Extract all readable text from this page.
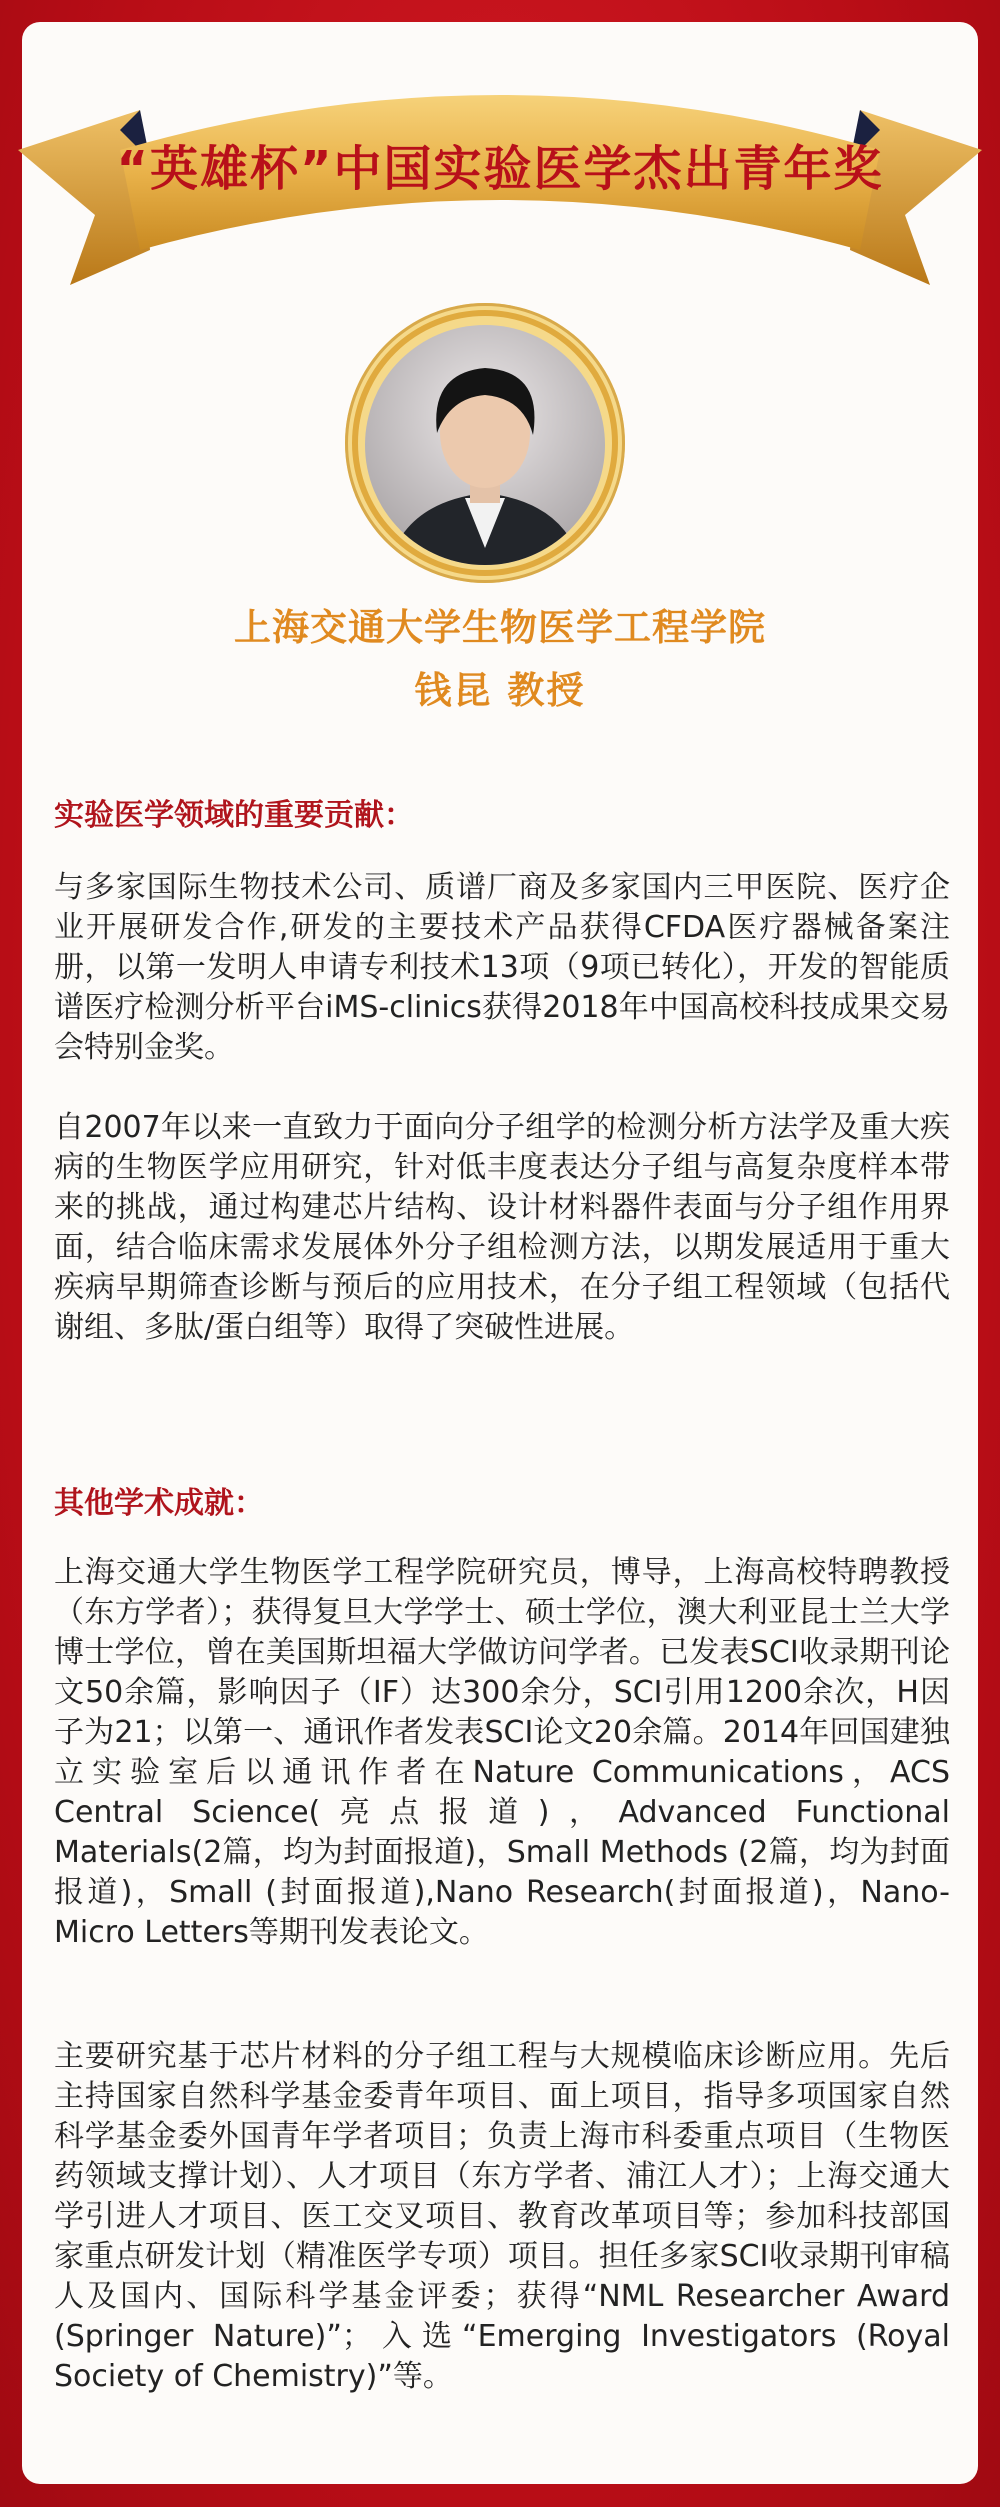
“英雄杯”中国实验医学杰出青年奖
上海交通大学生物医学工程学院
钱昆 教授
实验医学领域的重要贡献：

与多家国际生物技术公司、质谱厂商及多家国内三甲医院、医疗企业开展研发合作,研发的主要技术产品获得CFDA医疗器械备案注册，以第一发明人申请专利技术13项（9项已转化），开发的智能质谱医疗检测分析平台iMS-clinics获得2018年中国高校科技成果交易会特别金奖。

自2007年以来一直致力于面向分子组学的检测分析方法学及重大疾病的生物医学应用研究，针对低丰度表达分子组与高复杂度样本带来的挑战，通过构建芯片结构、设计材料器件表面与分子组作用界面，结合临床需求发展体外分子组检测方法，以期发展适用于重大疾病早期筛查诊断与预后的应用技术，在分子组工程领域（包括代谢组、多肽/蛋白组等）取得了突破性进展。

其他学术成就：

上海交通大学生物医学工程学院研究员，博导，上海高校特聘教授（东方学者）；获得复旦大学学士、硕士学位，澳大利亚昆士兰大学博士学位，曾在美国斯坦福大学做访问学者。已发表SCI收录期刊论文50余篇，影响因子（IF）达300余分，SCI引用1200余次，H因子为21；以第一、通讯作者发表SCI论文20余篇。2014年回国建独立实验室后以通讯作者在Nature Communications，ACS Central Science(亮点报道)，Advanced Functional Materials(2篇，均为封面报道)，Small Methods (2篇，均为封面报道)，Small (封面报道),Nano Research(封面报道)，Nano-Micro Letters等期刊发表论文。

主要研究基于芯片材料的分子组工程与大规模临床诊断应用。先后主持国家自然科学基金委青年项目、面上项目，指导多项国家自然科学基金委外国青年学者项目；负责上海市科委重点项目（生物医药领域支撑计划）、人才项目（东方学者、浦江人才）；上海交通大学引进人才项目、医工交叉项目、教育改革项目等；参加科技部国家重点研发计划（精准医学专项）项目。担任多家SCI收录期刊审稿人及国内、国际科学基金评委；获得“NML Researcher Award (Springer Nature)”；入选“Emerging Investigators (Royal Society of Chemistry)”等。
